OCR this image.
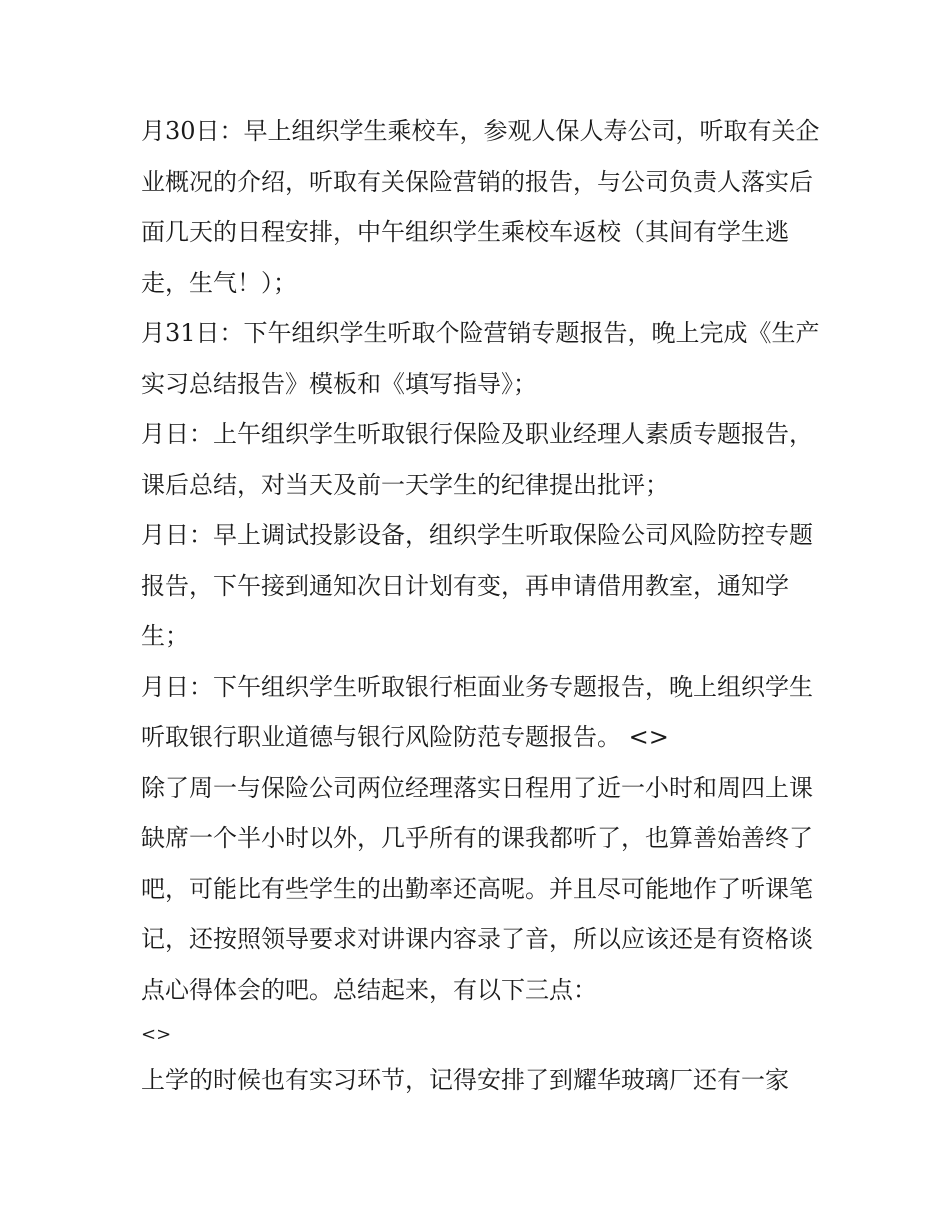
月30日：早上组织学生乘校车，参观人保人寿公司，听取有关企业概况的介绍，听取有关保险营销的报告，与公司负责人落实后面几天的日程安排，中午组织学生乘校车返校（其间有学生逃走，生气！）；

月31日：下午组织学生听取个险营销专题报告，晚上完成《生产实习总结报告》模板和《填写指导》；

月日：上午组织学生听取银行保险及职业经理人素质专题报告，课后总结，对当天及前一天学生的纪律提出批评；

月日：早上调试投影设备，组织学生听取保险公司风险防控专题报告，下午接到通知次日计划有变，再申请借用教室，通知学生；

月日：下午组织学生听取银行柜面业务专题报告，晚上组织学生听取银行职业道德与银行风险防范专题报告。 <>

除了周一与保险公司两位经理落实日程用了近一小时和周四上课缺席一个半小时以外，几乎所有的课我都听了，也算善始善终了吧，可能比有些学生的出勤率还高呢。并且尽可能地作了听课笔记，还按照领导要求对讲课内容录了音，所以应该还是有资格谈点心得体会的吧。总结起来，有以下三点：

<>

上学的时候也有实习环节，记得安排了到耀华玻璃厂还有一家
